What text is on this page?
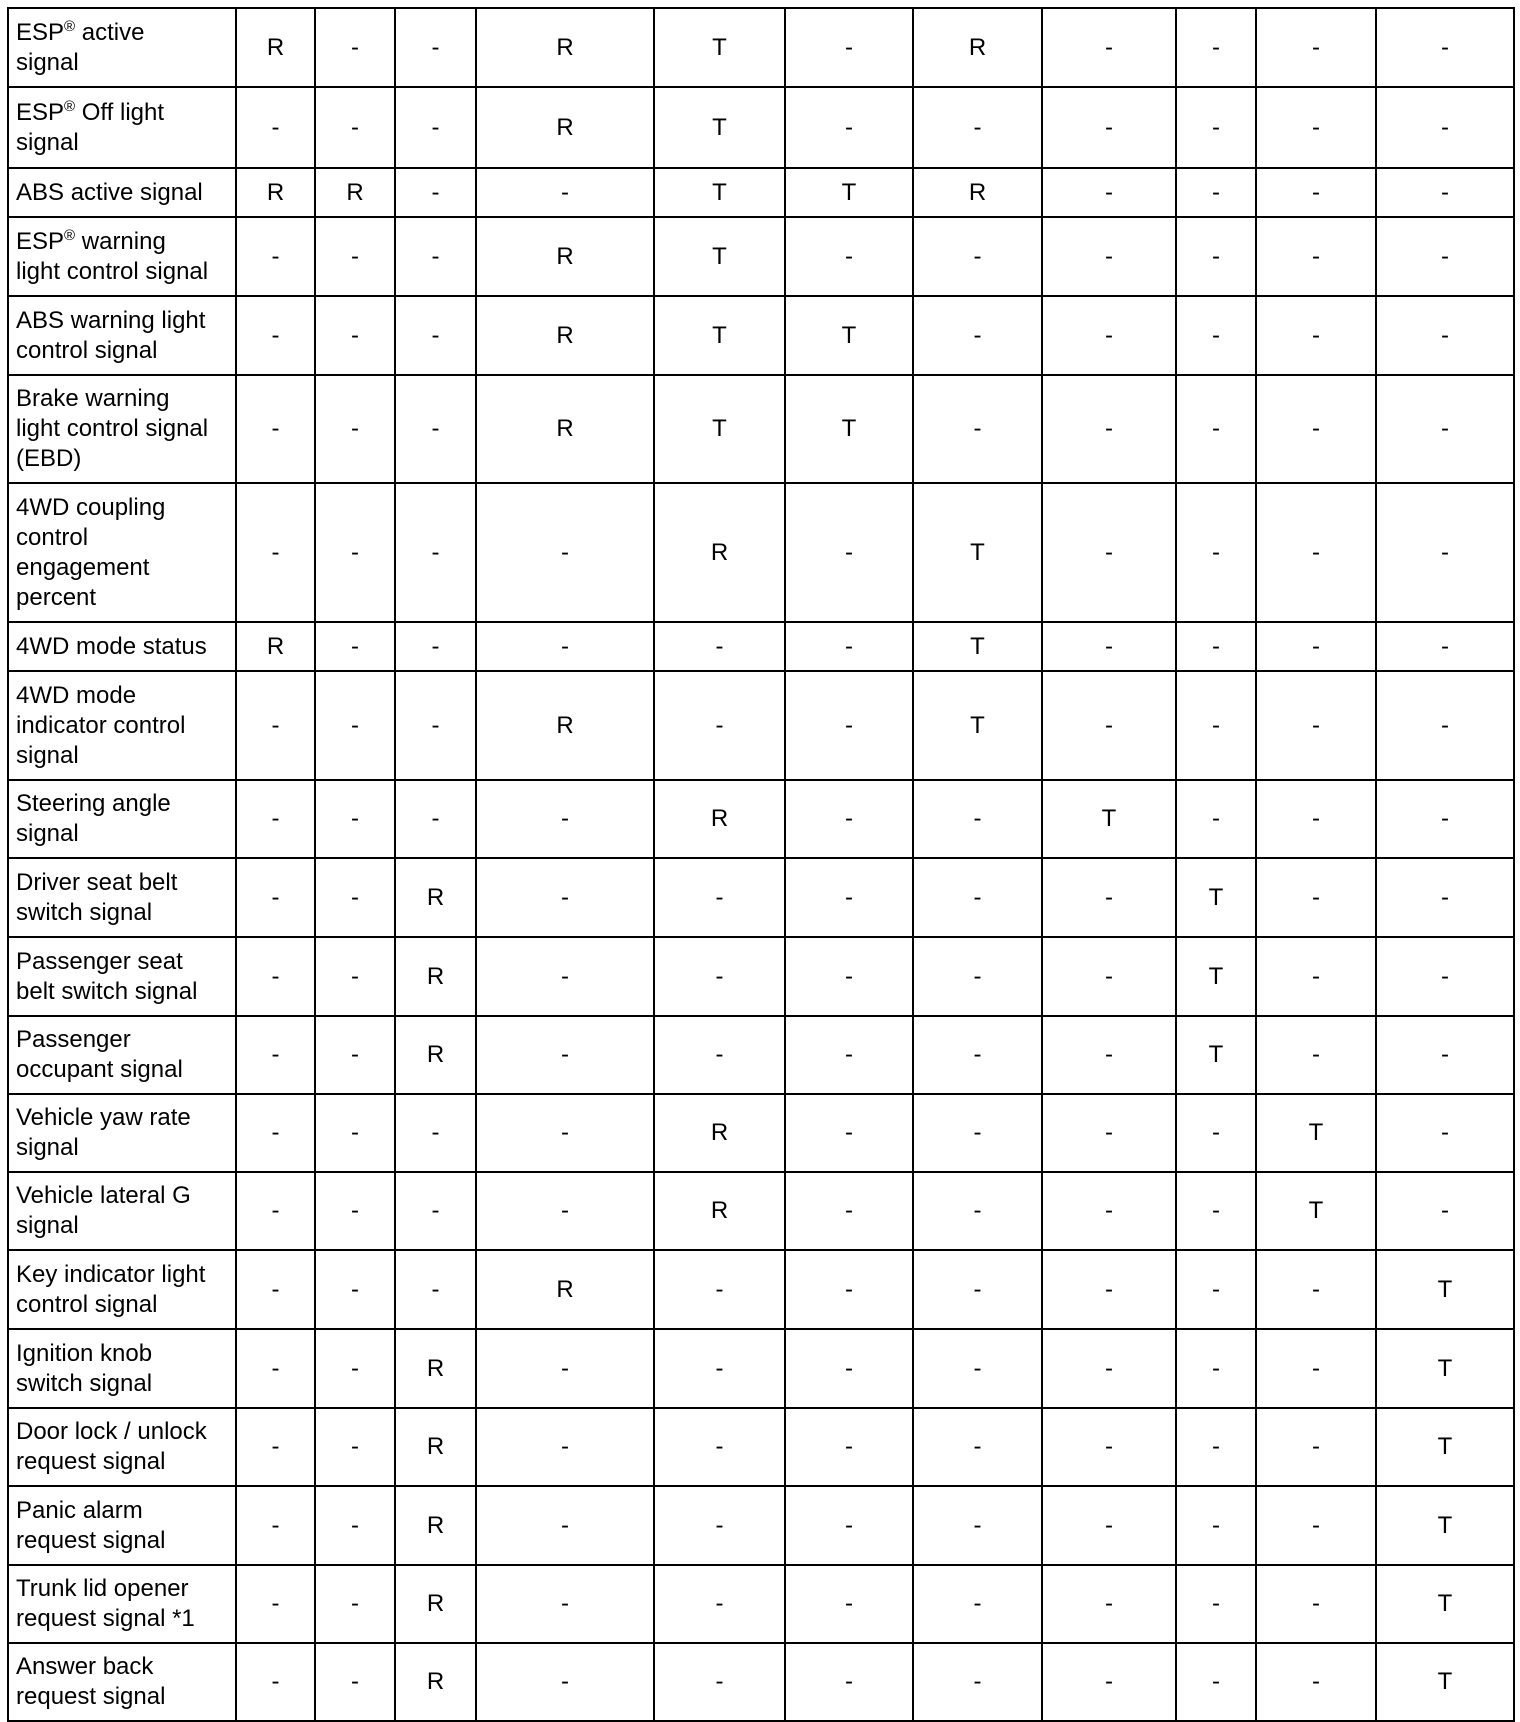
ESP® active
signal	R	-	-	R	T	-	R	-	-	-	-
ESP® Off light
signal	-	-	-	R	T	-	-	-	-	-	-
ABS active signal	R	R	-	-	T	T	R	-	-	-	-
ESP® warning
light control signal	-	-	-	R	T	-	-	-	-	-	-
ABS warning light
control signal	-	-	-	R	T	T	-	-	-	-	-
Brake warning
light control signal
(EBD)	-	-	-	R	T	T	-	-	-	-	-
4WD coupling
control
engagement
percent	-	-	-	-	R	-	T	-	-	-	-
4WD mode status	R	-	-	-	-	-	T	-	-	-	-
4WD mode
indicator control
signal	-	-	-	R	-	-	T	-	-	-	-
Steering angle
signal	-	-	-	-	R	-	-	T	-	-	-
Driver seat belt
switch signal	-	-	R	-	-	-	-	-	T	-	-
Passenger seat
belt switch signal	-	-	R	-	-	-	-	-	T	-	-
Passenger
occupant signal	-	-	R	-	-	-	-	-	T	-	-
Vehicle yaw rate
signal	-	-	-	-	R	-	-	-	-	T	-
Vehicle lateral G
signal	-	-	-	-	R	-	-	-	-	T	-
Key indicator light
control signal	-	-	-	R	-	-	-	-	-	-	T
Ignition knob
switch signal	-	-	R	-	-	-	-	-	-	-	T
Door lock / unlock
request signal	-	-	R	-	-	-	-	-	-	-	T
Panic alarm
request signal	-	-	R	-	-	-	-	-	-	-	T
Trunk lid opener
request signal *1	-	-	R	-	-	-	-	-	-	-	T
Answer back
request signal	-	-	R	-	-	-	-	-	-	-	T
